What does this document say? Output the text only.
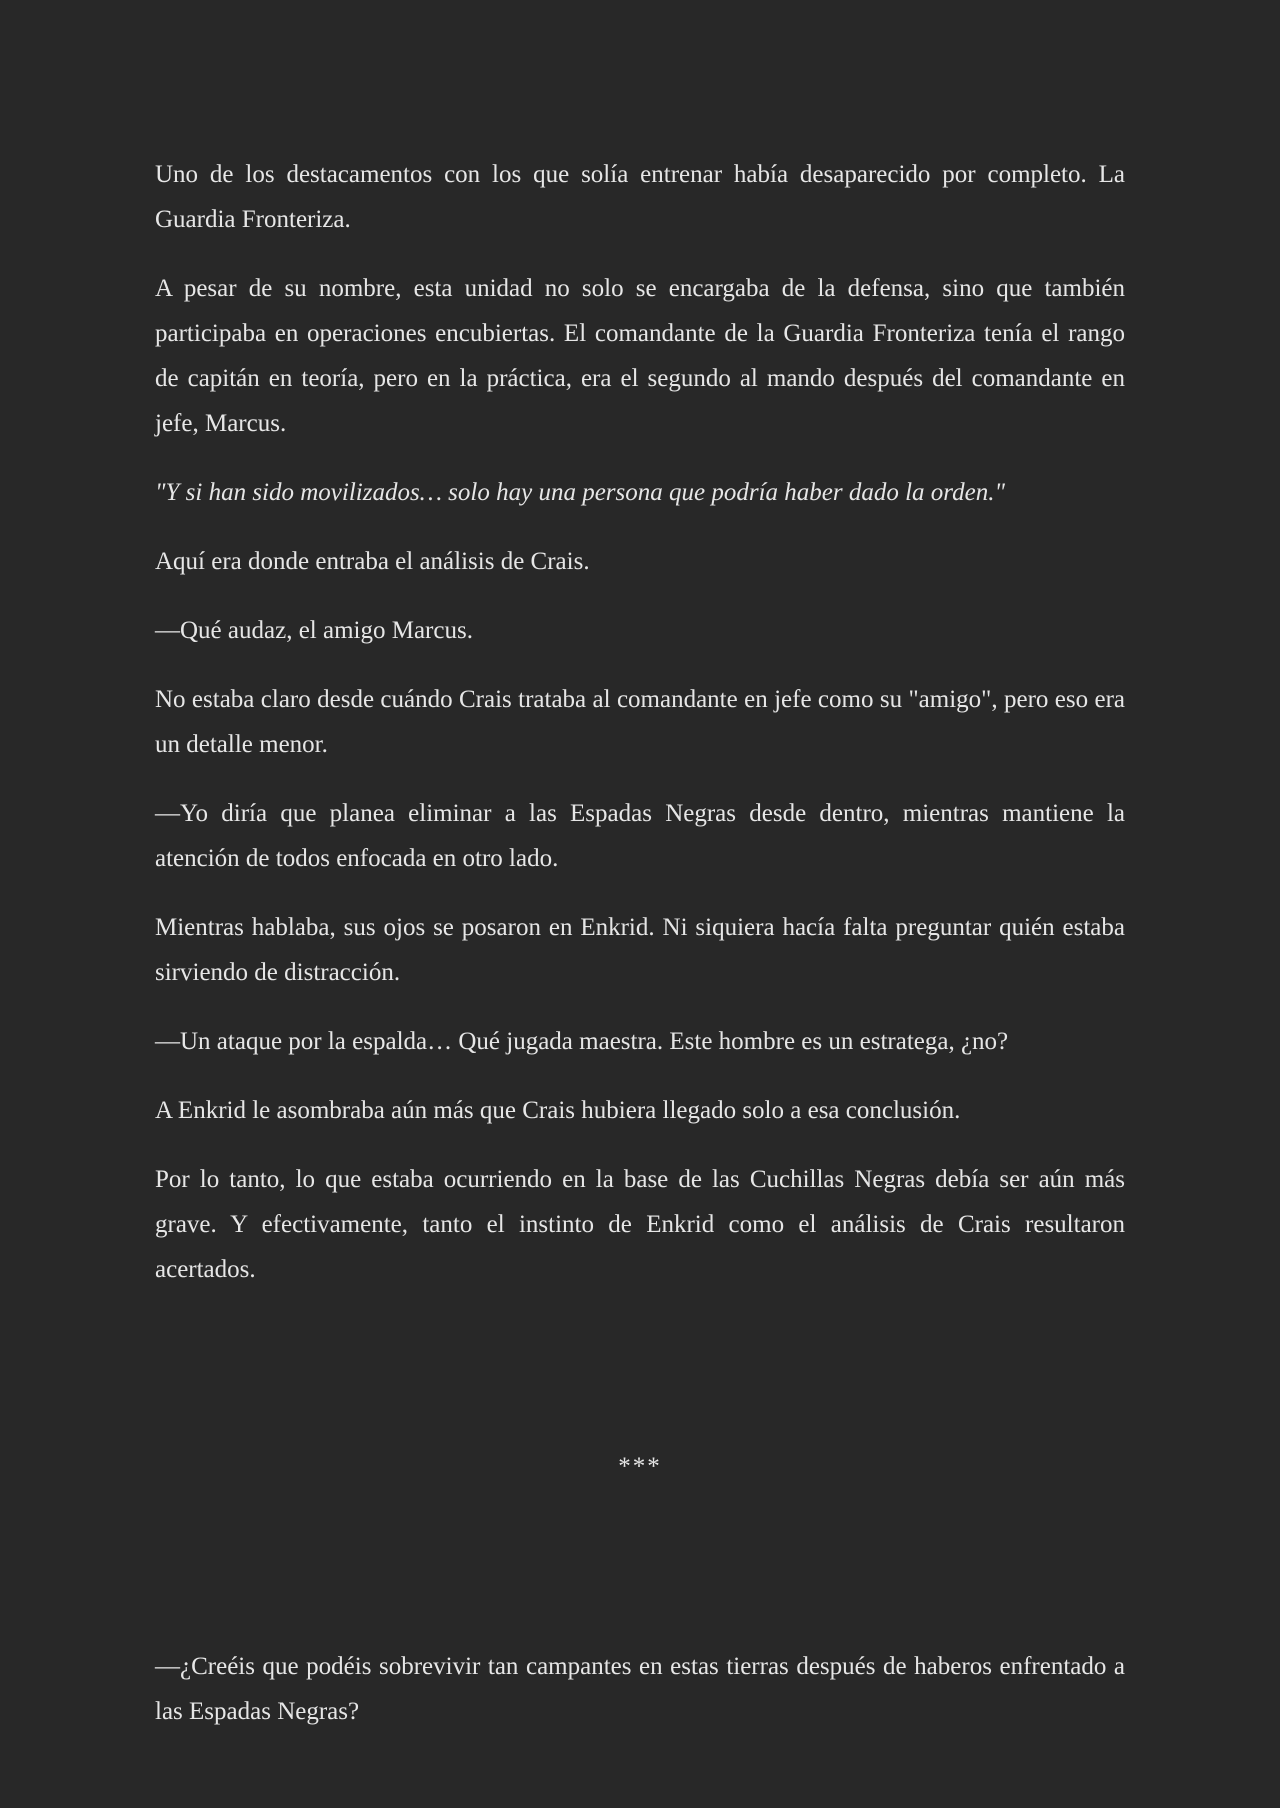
Uno de los destacamentos con los que solía entrenar había desaparecido por completo. La Guardia Fronteriza.

A pesar de su nombre, esta unidad no solo se encargaba de la defensa, sino que también participaba en operaciones encubiertas. El comandante de la Guardia Fronteriza tenía el rango de capitán en teoría, pero en la práctica, era el segundo al mando después del comandante en jefe, Marcus.

"Y si han sido movilizados… solo hay una persona que podría haber dado la orden."

Aquí era donde entraba el análisis de Crais.

—Qué audaz, el amigo Marcus.

No estaba claro desde cuándo Crais trataba al comandante en jefe como su "amigo", pero eso era un detalle menor.

—Yo diría que planea eliminar a las Espadas Negras desde dentro, mientras mantiene la atención de todos enfocada en otro lado.

Mientras hablaba, sus ojos se posaron en Enkrid. Ni siquiera hacía falta preguntar quién estaba sirviendo de distracción.

—Un ataque por la espalda… Qué jugada maestra. Este hombre es un estratega, ¿no?

A Enkrid le asombraba aún más que Crais hubiera llegado solo a esa conclusión.

Por lo tanto, lo que estaba ocurriendo en la base de las Cuchillas Negras debía ser aún más grave. Y efectivamente, tanto el instinto de Enkrid como el análisis de Crais resultaron acertados.

***

—¿Creéis que podéis sobrevivir tan campantes en estas tierras después de haberos enfrentado a las Espadas Negras?
